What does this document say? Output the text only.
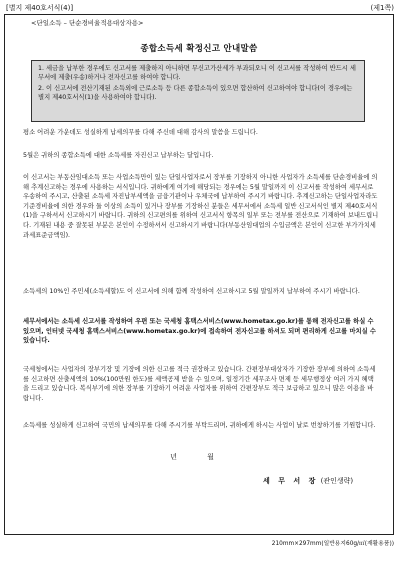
[별지 제40호서식(4)]	(제1쪽)
<단일소득 – 단순경비율적용대상자용>
종합소득세 확정신고 안내말씀

1. 세금을 납부한 경우에도 신고서를 제출하지 아니하면 무신고가산세가 부과되오니 이 신고서를 작성하여 반드시 세무서에 제출(우송)하거나 전자신고를 하여야 합니다.

2. 이 신고서에 전산기재된 소득외에 근로소득 등 다른 종합소득이 있으면 합산하여 신고하여야 합니다(이 경우에는 별지 제40호서식(1)을 사용하여야 합니다).

평소 어려운 가운데도 성실하게 납세의무를 다해 주신데 대해 감사의 말씀을 드립니다.

5월은 귀하의 종합소득에 대한 소득세를 자진신고 납부하는 달입니다.

이 신고서는 부동산임대소득 또는 사업소득만이 있는 단일사업자로서 장부를 기장하지 아니한 사업자가 소득세를 단순경비율에 의해 추계신고하는 경우에 사용하는 서식입니다. 귀하에게 여기에 해당되는 경우에는 5월 말일까지 이 신고서를 작성하여 세무서로 우송하여 주시고, 산출된 소득세 자진납부세액을 금융기관이나 우체국에 납부하여 주시기 바랍니다. 추계신고하는 단일사업자라도 기준경비율에 의한 경우와 둘 이상의 소득이 있거나 장부를 기장하신 분들은 세무서에서 소득세 일반 신고서식인 별지 제40호서식(1)을 구하셔서 신고하시기 바랍니다. 귀하의 신고편의를 위하여 신고서식 항목의 일부 또는 전부를 전산으로 기재하여 보내드립니다. 기재된 내용 중 잘못된 부분은 본인이 수정하셔서 신고하시기 바랍니다(부동산임대업의 수입금액은 본인이 신고한 부가가치세 과세표준금액임).

소득세의 10%인 주민세(소득세할)도 이 신고서에 의해 함께 작성하여 신고하시고 5월 말일까지 납부하여 주시기 바랍니다.

세무서에서는 소득세 신고서를 작성하여 우편 또는 국세청 홈택스서비스(www.hometax.go.kr)를 통해 전자신고를 하실 수 있으며, 인터넷 국세청 홈택스서비스(www.hometax.go.kr)에 접속하여 전자신고를 하셔도 되며 편리하게 신고를 마치실 수 있습니다.

국세청에서는 사업자의 장부기장 및 기장에 의한 신고를 적극 권장하고 있습니다. 간편장부대상자가 기장한 장부에 의하여 소득세를 신고하면 산출세액의 10%(100만원 한도)를 세액공제 받을 수 있으며, 일정기간 세무조사 면제 등 세무행정상 여러 가지 혜택을 드리고 있습니다. 복식부기에 의한 장부를 기장하기 어려운 사업자를 위하여 간편장부도 적극 보급하고 있으니 많은 이용을 바랍니다.

소득세를 성실하게 신고하여 국민의 납세의무를 다해 주시기를 부탁드리며, 귀하에게 하시는 사업이 날로 번창하기를 기원합니다.

년 월
세 무 서 장 (관인생략)
210mm×297mm(일반용지60g/㎡(재활용품))
